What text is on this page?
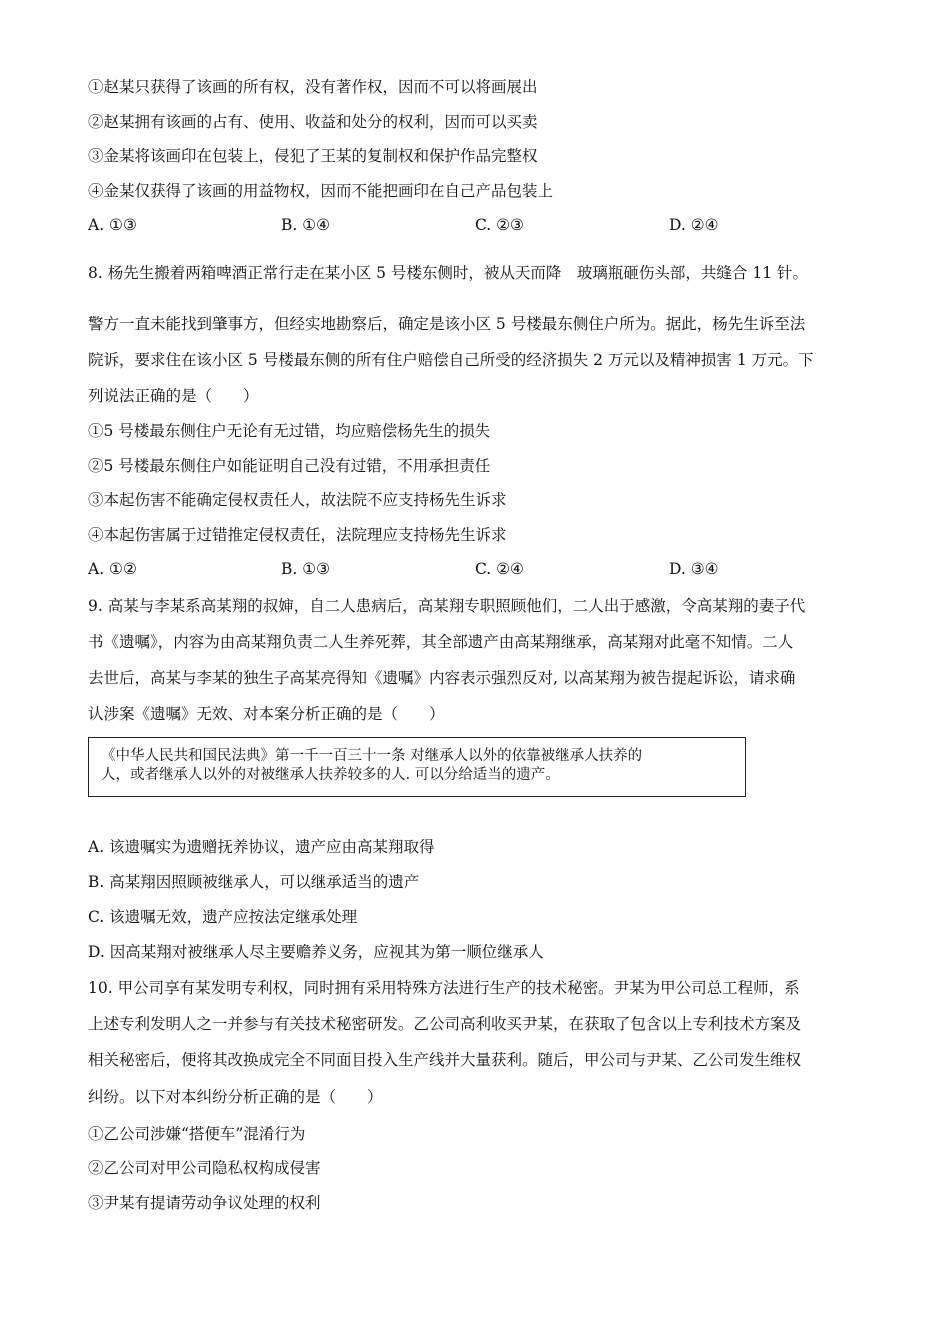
①赵某只获得了该画的所有权，没有著作权，因而不可以将画展出
②赵某拥有该画的占有、使用、收益和处分的权利，因而可以买卖
③金某将该画印在包装上，侵犯了王某的复制权和保护作品完整权
④金某仅获得了该画的用益物权，因而不能把画印在自己产品包装上
A. ①③	B. ①④	C. ②③	D. ②④
8. 杨先生搬着两箱啤酒正常行走在某小区 5 号楼东侧时，被从天而降　玻璃瓶砸伤头部，共缝合 11 针。
警方一直未能找到肇事方，但经实地勘察后，确定是该小区 5 号楼最东侧住户所为。据此，杨先生诉至法
院诉，要求住在该小区 5 号楼最东侧的所有住户赔偿自己所受的经济损失 2 万元以及精神损害 1 万元。下
列说法正确的是（　　）
①5 号楼最东侧住户无论有无过错，均应赔偿杨先生的损失
②5 号楼最东侧住户如能证明自己没有过错，不用承担责任
③本起伤害不能确定侵权责任人，故法院不应支持杨先生诉求
④本起伤害属于过错推定侵权责任，法院理应支持杨先生诉求
A. ①②	B. ①③	C. ②④	D. ③④
9. 高某与李某系高某翔的叔婶，自二人患病后，高某翔专职照顾他们，二人出于感激，令高某翔的妻子代
书《遗嘱》，内容为由高某翔负责二人生养死葬，其全部遗产由高某翔继承，高某翔对此毫不知情。二人
去世后，高某与李某的独生子高某亮得知《遗嘱》内容表示强烈反对, 以高某翔为被告提起诉讼，请求确
认涉案《遗嘱》无效、对本案分析正确的是（　　）
《中华人民共和国民法典》第一千一百三十一条 对继承人以外的依靠被继承人扶养的
人，或者继承人以外的对被继承人扶养较多的人. 可以分给适当的遗产。
A. 该遗嘱实为遗赠抚养协议，遗产应由高某翔取得
B. 高某翔因照顾被继承人，可以继承适当的遗产
C. 该遗嘱无效，遗产应按法定继承处理
D. 因高某翔对被继承人尽主要赡养义务，应视其为第一顺位继承人
10. 甲公司享有某发明专利权，同时拥有采用特殊方法进行生产的技术秘密。尹某为甲公司总工程师，系
上述专利发明人之一并参与有关技术秘密研发。乙公司高利收买尹某，在获取了包含以上专利技术方案及
相关秘密后，便将其改换成完全不同面目投入生产线并大量获利。随后，甲公司与尹某、乙公司发生维权
纠纷。以下对本纠纷分析正确的是（　　）
①乙公司涉嫌“搭便车”混淆行为
②乙公司对甲公司隐私权构成侵害
③尹某有提请劳动争议处理的权利
